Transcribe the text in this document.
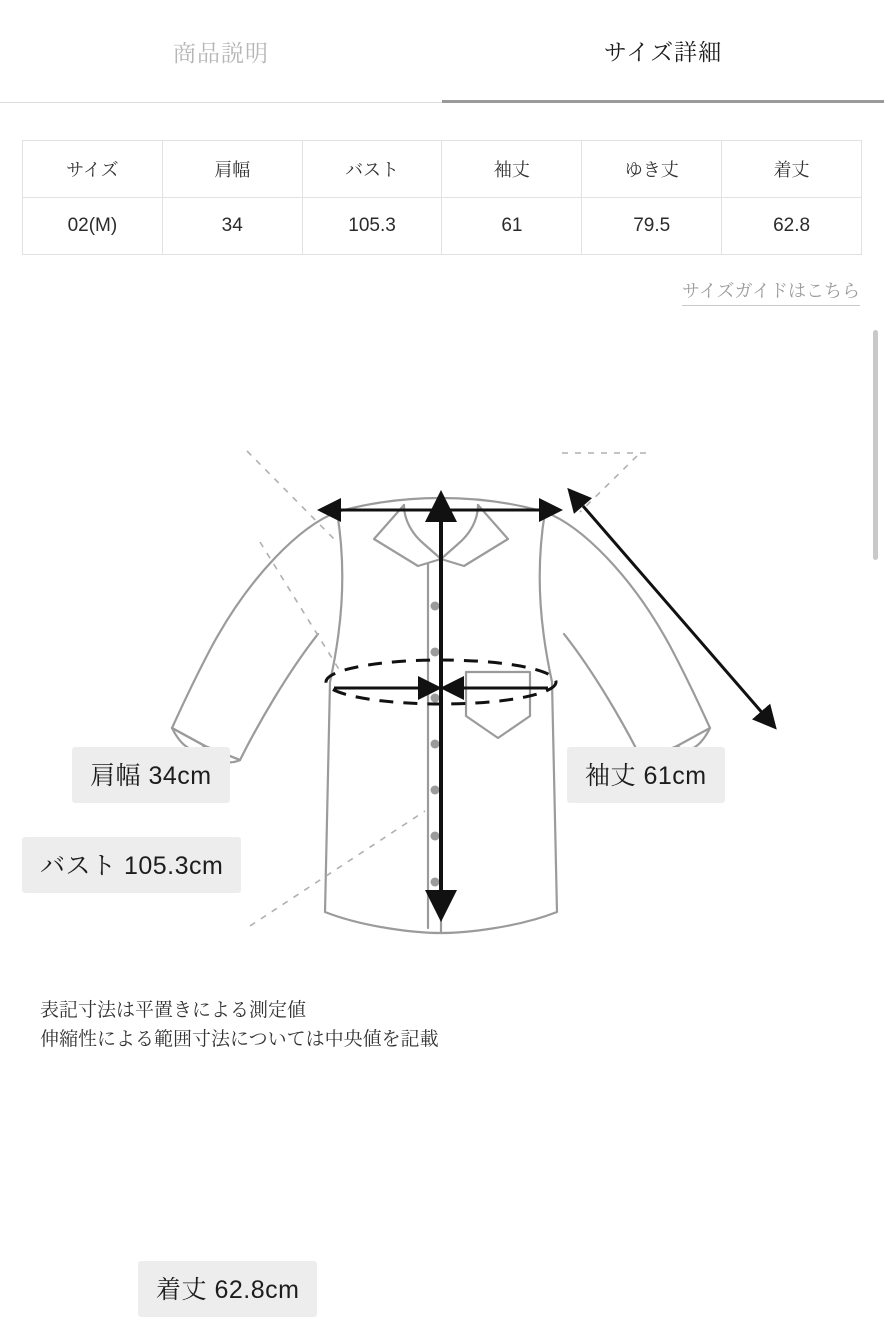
商品説明	サイズ詳細
サイズ	肩幅	バスト	袖丈	ゆき丈	着丈
02(M)	34	105.3	61	79.5	62.8
サイズガイドはこちら
肩幅 34cm	袖丈 61cm
バスト 105.3cm
着丈 62.8cm
表記寸法は平置きによる測定値
伸縮性による範囲寸法については中央値を記載
